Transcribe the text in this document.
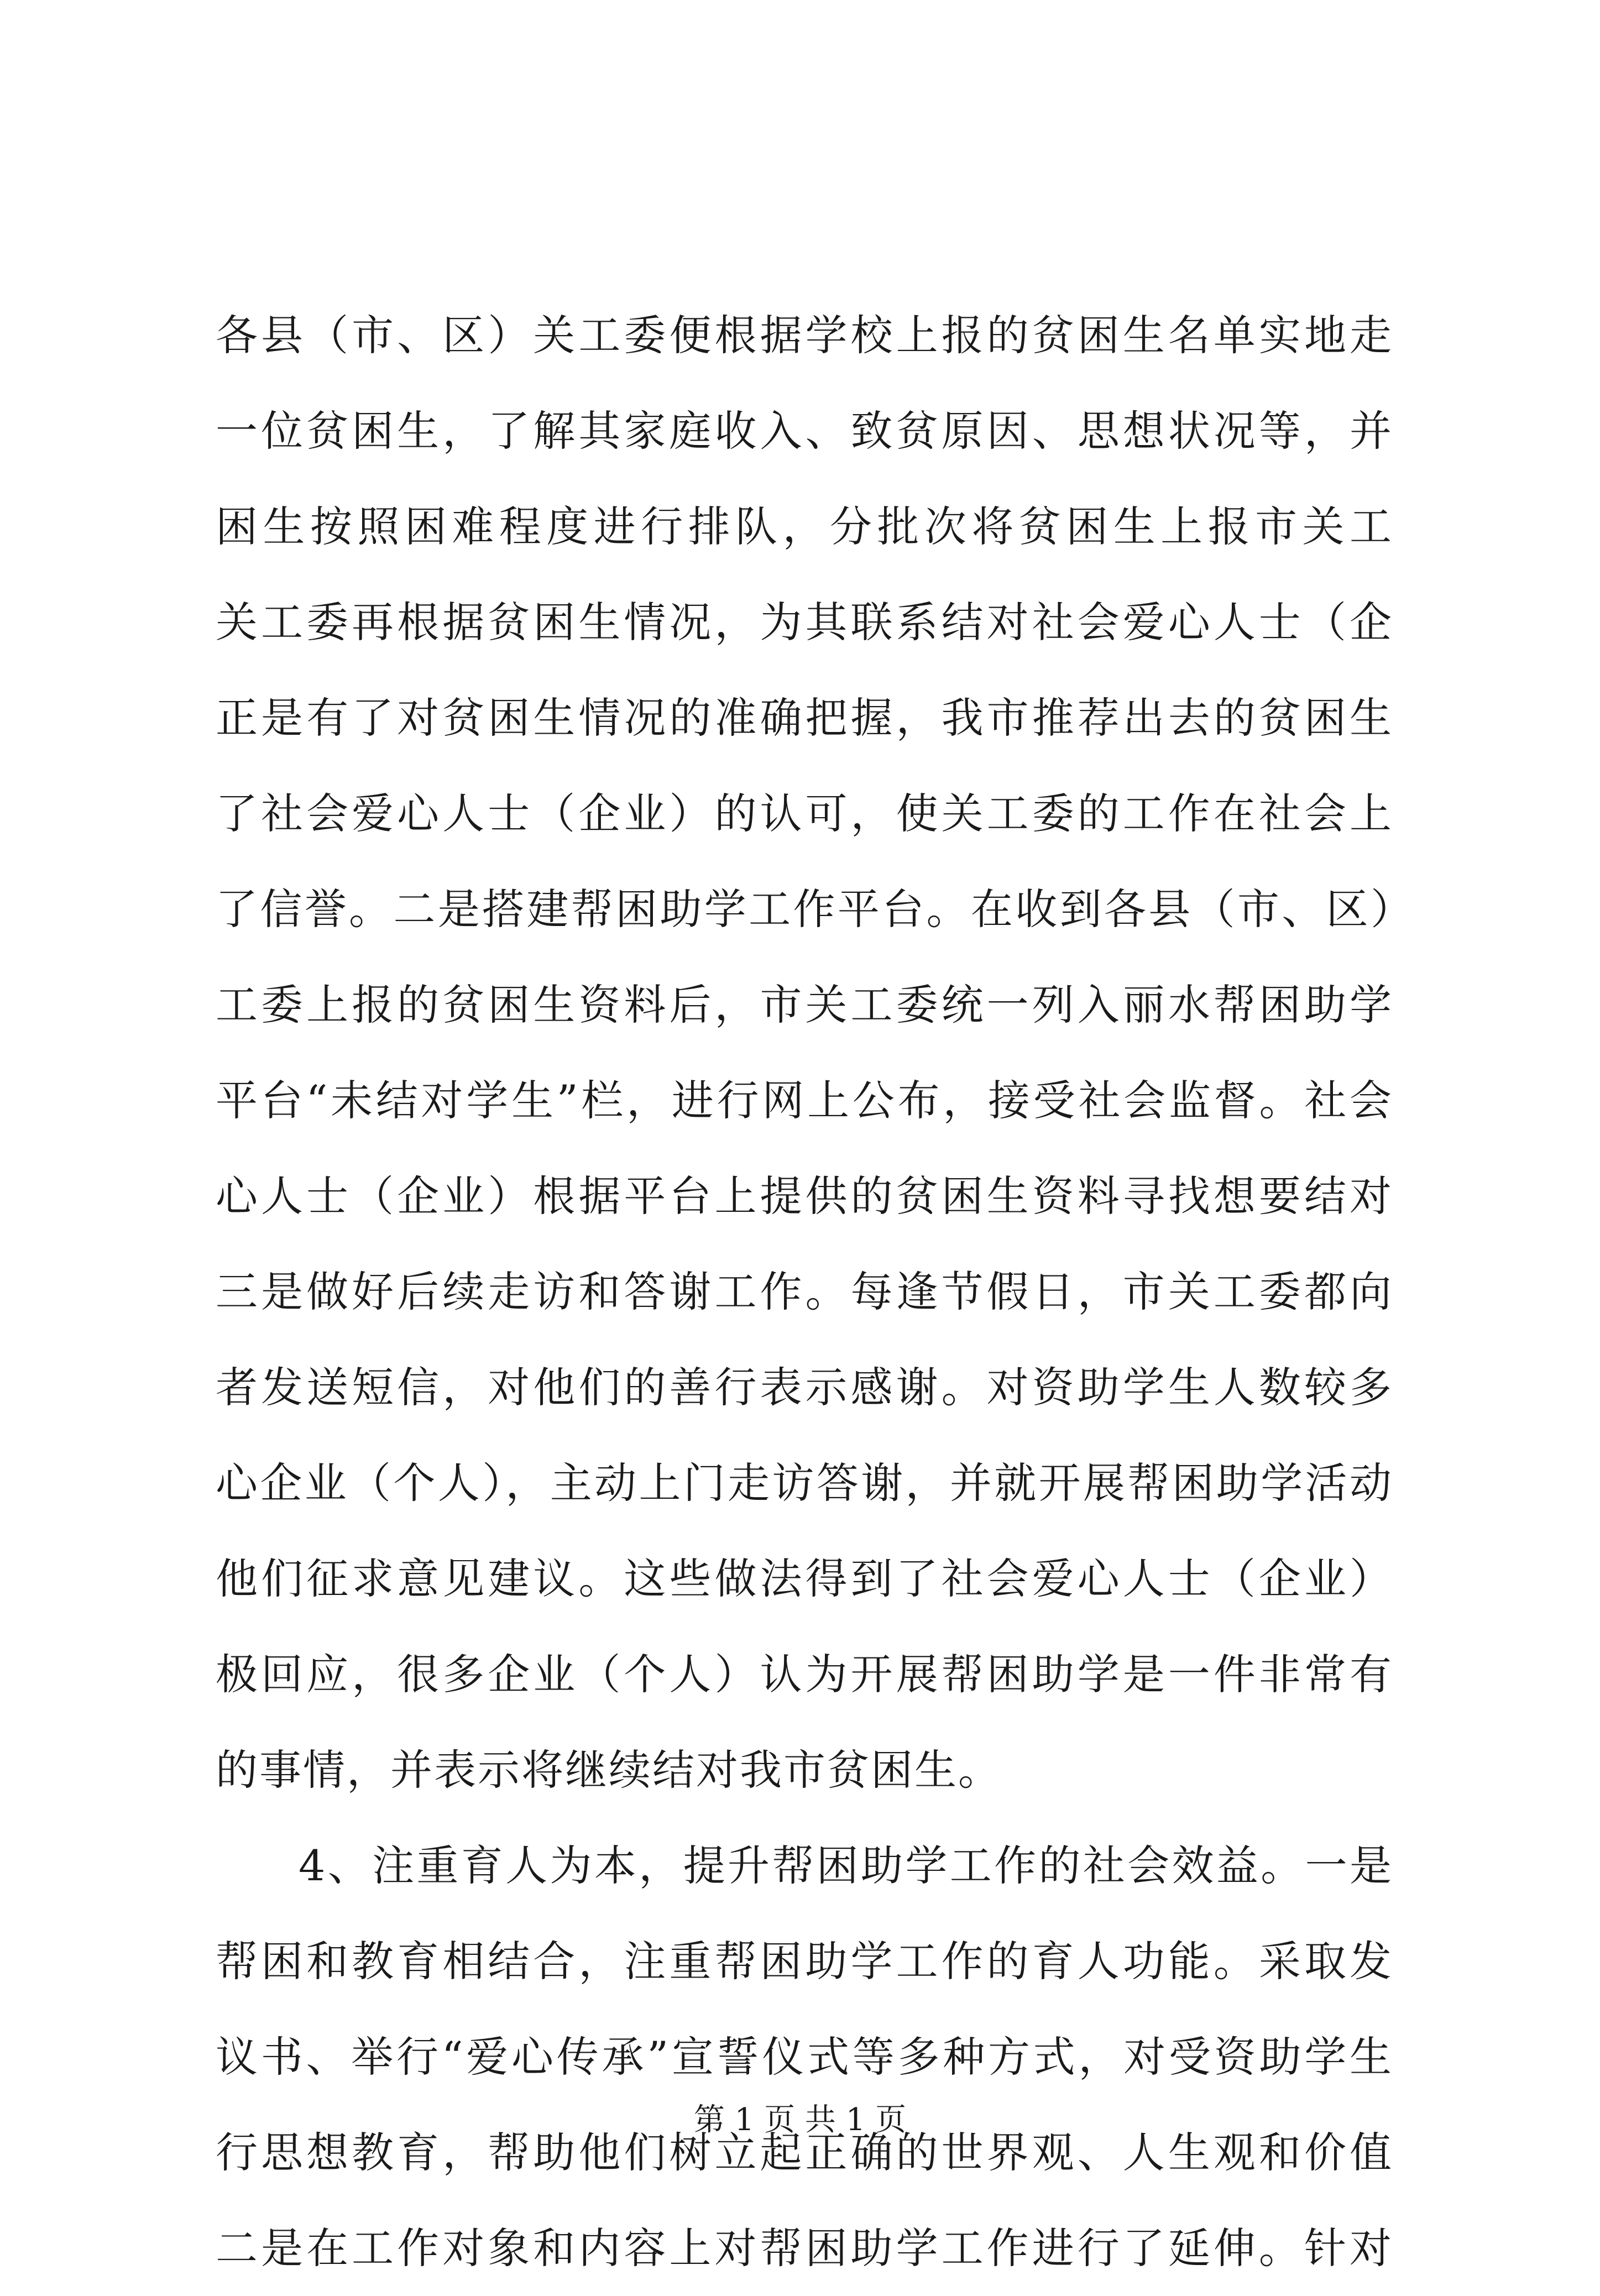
各县（市、区）关工委便根据学校上报的贫困生名单实地走
一位贫困生，了解其家庭收入、致贫原因、思想状况等，并
困生按照困难程度进行排队，分批次将贫困生上报市关工
关工委再根据贫困生情况，为其联系结对社会爱心人士（企
正是有了对贫困生情况的准确把握，我市推荐出去的贫困生
了社会爱心人士（企业）的认可，使关工委的工作在社会上
了信誉。二是搭建帮困助学工作平台。在收到各县（市、区）
工委上报的贫困生资料后，市关工委统一列入丽水帮困助学
平台“未结对学生”栏，进行网上公布，接受社会监督。社会
心人士（企业）根据平台上提供的贫困生资料寻找想要结对
三是做好后续走访和答谢工作。每逢节假日，市关工委都向
者发送短信，对他们的善行表示感谢。对资助学生人数较多
心企业（个人），主动上门走访答谢，并就开展帮困助学活动
他们征求意见建议。这些做法得到了社会爱心人士（企业）
极回应，很多企业（个人）认为开展帮困助学是一件非常有
的事情，并表示将继续结对我市贫困生。
4、注重育人为本，提升帮困助学工作的社会效益。一是
帮困和教育相结合，注重帮困助学工作的育人功能。采取发
议书、举行“爱心传承”宣誓仪式等多种方式，对受资助学生
行思想教育，帮助他们树立起正确的世界观、人生观和价值
二是在工作对象和内容上对帮困助学工作进行了延伸。针对
第 1 页 共 1 页
